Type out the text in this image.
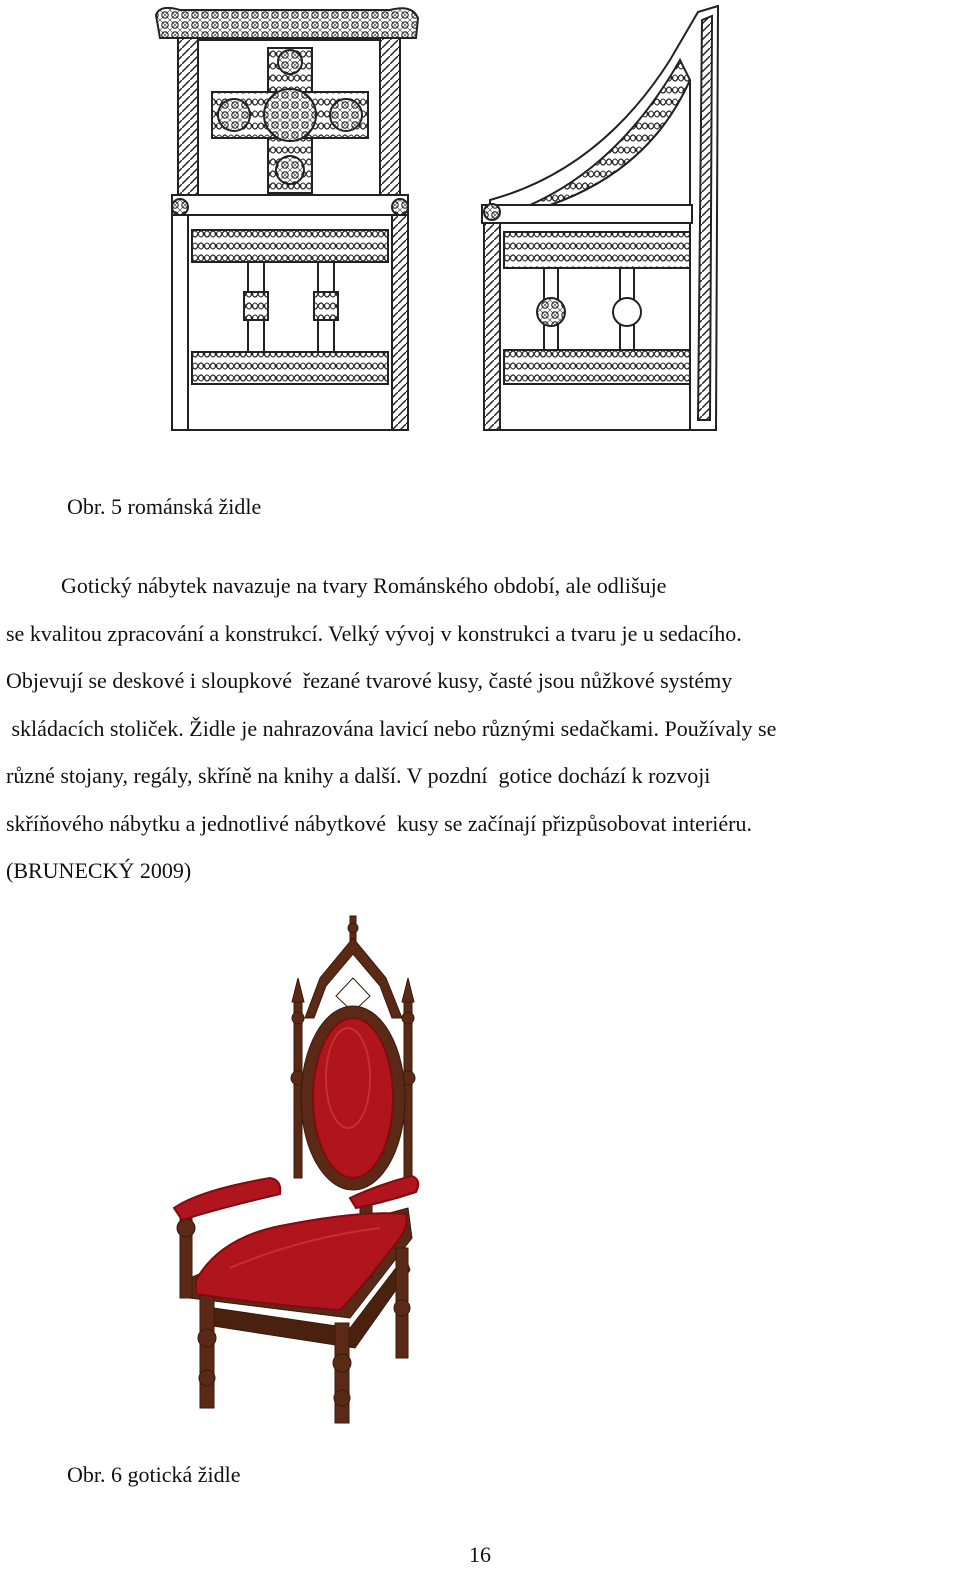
Obr. 5 románská židle
Gotický nábytek navazuje na tvary Románského období, ale odlišuje
se kvalitou zpracování a konstrukcí. Velký vývoj v konstrukci a tvaru je u sedacího.
Objevují se deskové i sloupkové  řezané tvarové kusy, časté jsou nůžkové systémy
skládacích stoliček. Židle je nahrazována lavicí nebo různými sedačkami. Používaly se
různé stojany, regály, skříně na knihy a další. V pozdní  gotice dochází k rozvoji
skříňového nábytku a jednotlivé nábytkové  kusy se začínají přizpůsobovat interiéru.
(BRUNECKÝ 2009)
Obr. 6 gotická židle
16
